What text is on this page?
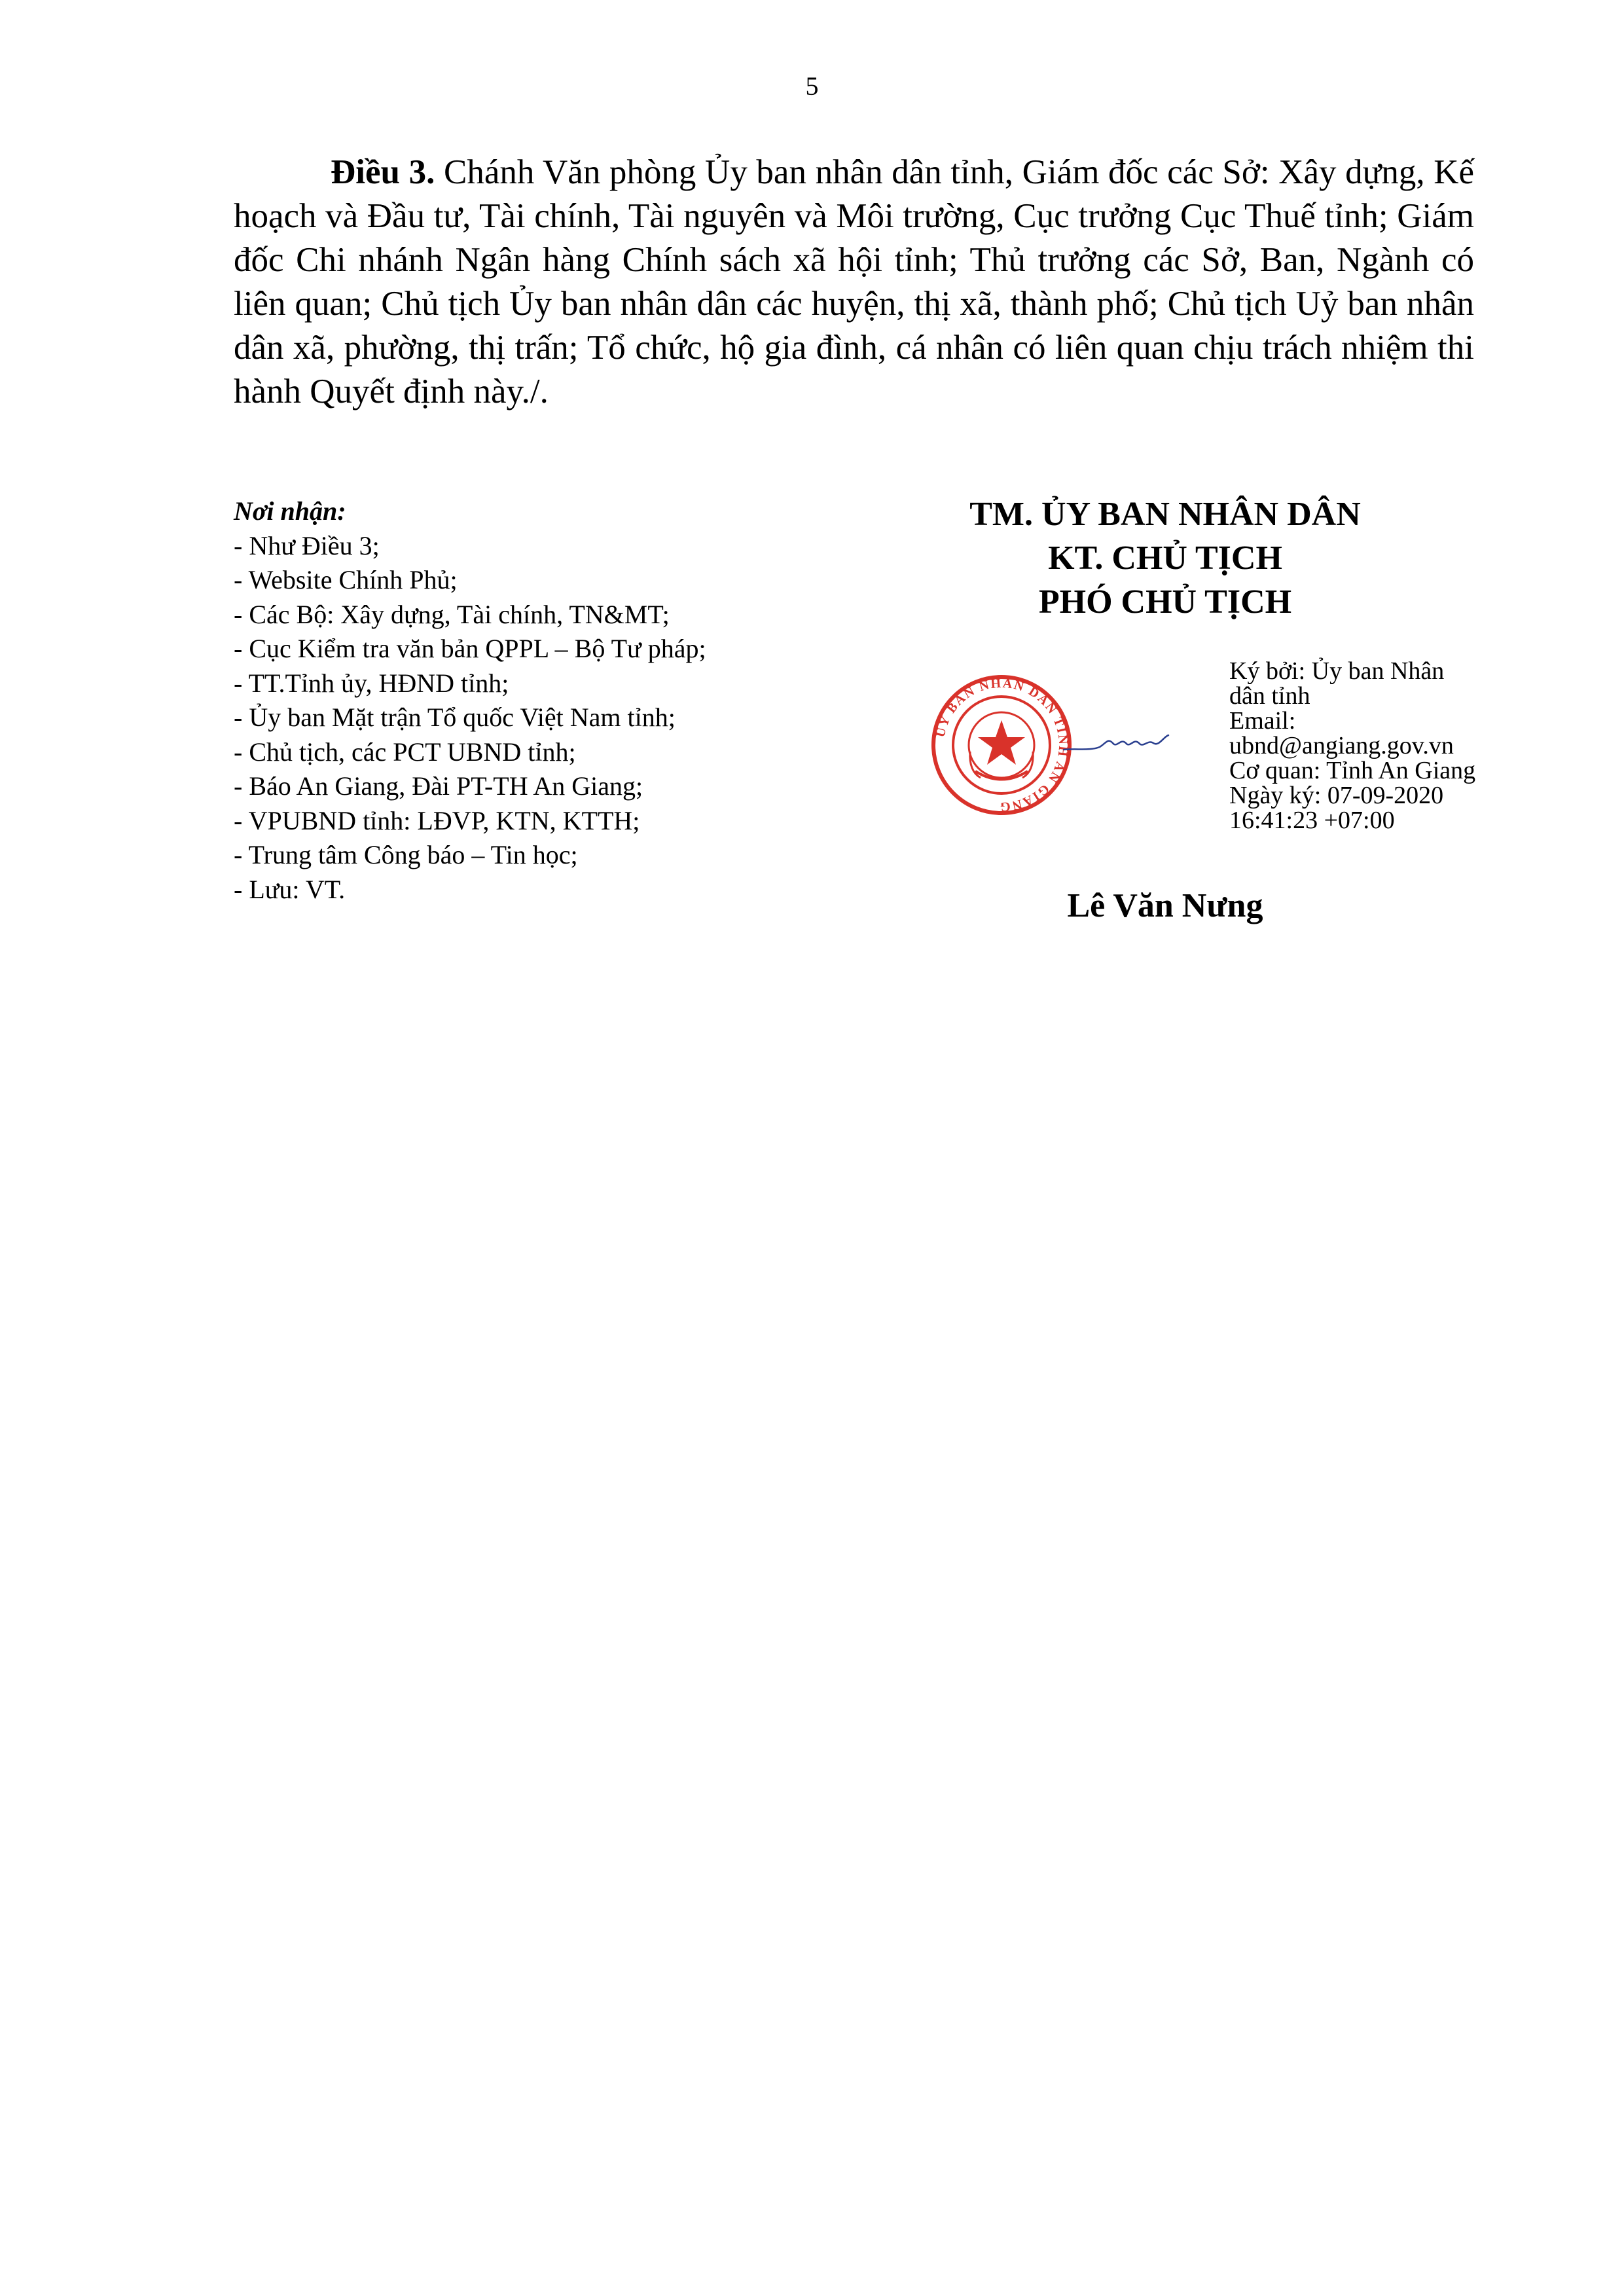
5

Điều 3. Chánh Văn phòng Ủy ban nhân dân tỉnh, Giám đốc các Sở: Xây dựng, Kế hoạch và Đầu tư, Tài chính, Tài nguyên và Môi trường, Cục trưởng Cục Thuế tỉnh; Giám đốc Chi nhánh Ngân hàng Chính sách xã hội tỉnh; Thủ trưởng các Sở, Ban, Ngành có liên quan; Chủ tịch Ủy ban nhân dân các huyện, thị xã, thành phố; Chủ tịch Uỷ ban nhân dân xã, phường, thị trấn; Tổ chức, hộ gia đình, cá nhân có liên quan chịu trách nhiệm thi hành Quyết định này./.

Nơi nhận:
- Như Điều 3;
- Website Chính Phủ;
- Các Bộ: Xây dựng, Tài chính, TN&MT;
- Cục Kiểm tra văn bản QPPL – Bộ Tư pháp;
- TT.Tỉnh ủy, HĐND tỉnh;
- Ủy ban Mặt trận Tổ quốc Việt Nam tỉnh;
- Chủ tịch, các PCT UBND tỉnh;
- Báo An Giang, Đài PT-TH An Giang;
- VPUBND tỉnh: LĐVP, KTN, KTTH;
- Trung tâm Công báo – Tin học;
- Lưu: VT.
TM. ỦY BAN NHÂN DÂN
KT. CHỦ TỊCH
PHÓ CHỦ TỊCH
ỦY BAN NHÂN DÂN TỈNH AN GIANG
Ký bởi: Ủy ban Nhân
dân tỉnh
Email:
ubnd@angiang.gov.vn
Cơ quan: Tỉnh An Giang
Ngày ký: 07-09-2020
16:41:23 +07:00
Lê Văn Nưng
